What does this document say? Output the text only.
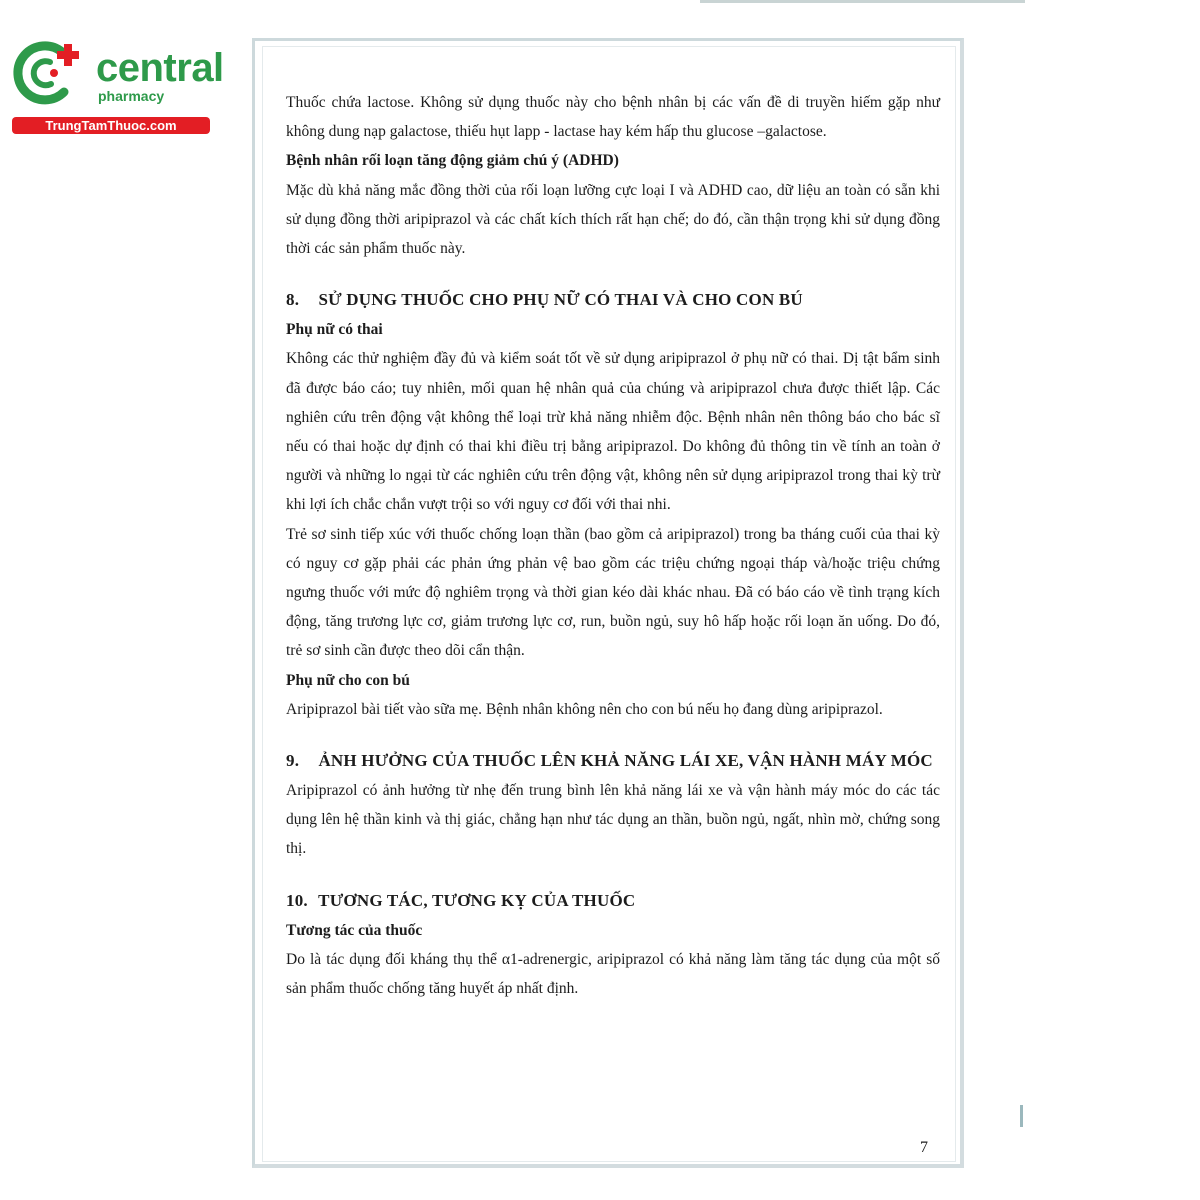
central
pharmacy
TrungTamThuoc.com

Thuốc chứa lactose. Không sử dụng thuốc này cho bệnh nhân bị các vấn đề di truyền hiếm gặp như không dung nạp galactose, thiếu hụt lapp - lactase hay kém hấp thu glucose –galactose.

Bệnh nhân rối loạn tăng động giảm chú ý (ADHD)

Mặc dù khả năng mắc đồng thời của rối loạn lưỡng cực loại I và ADHD cao, dữ liệu an toàn có sẵn khi sử dụng đồng thời aripiprazol và các chất kích thích rất hạn chế; do đó, cần thận trọng khi sử dụng đồng thời các sản phẩm thuốc này.

8. SỬ DỤNG THUỐC CHO PHỤ NỮ CÓ THAI VÀ CHO CON BÚ
Phụ nữ có thai

Không các thử nghiệm đầy đủ và kiểm soát tốt về sử dụng aripiprazol ở phụ nữ có thai. Dị tật bẩm sinh đã được báo cáo; tuy nhiên, mối quan hệ nhân quả của chúng và aripiprazol chưa được thiết lập. Các nghiên cứu trên động vật không thể loại trừ khả năng nhiễm độc. Bệnh nhân nên thông báo cho bác sĩ nếu có thai hoặc dự định có thai khi điều trị bằng aripiprazol. Do không đủ thông tin về tính an toàn ở người và những lo ngại từ các nghiên cứu trên động vật, không nên sử dụng aripiprazol trong thai kỳ trừ khi lợi ích chắc chắn vượt trội so với nguy cơ đối với thai nhi.

Trẻ sơ sinh tiếp xúc với thuốc chống loạn thần (bao gồm cả aripiprazol) trong ba tháng cuối của thai kỳ có nguy cơ gặp phải các phản ứng phản vệ bao gồm các triệu chứng ngoại tháp và/hoặc triệu chứng ngưng thuốc với mức độ nghiêm trọng và thời gian kéo dài khác nhau. Đã có báo cáo về tình trạng kích động, tăng trương lực cơ, giảm trương lực cơ, run, buồn ngủ, suy hô hấp hoặc rối loạn ăn uống. Do đó, trẻ sơ sinh cần được theo dõi cẩn thận.

Phụ nữ cho con bú

Aripiprazol bài tiết vào sữa mẹ. Bệnh nhân không nên cho con bú nếu họ đang dùng aripiprazol.

9. ẢNH HƯỞNG CỦA THUỐC LÊN KHẢ NĂNG LÁI XE, VẬN HÀNH MÁY MÓC

Aripiprazol có ảnh hưởng từ nhẹ đến trung bình lên khả năng lái xe và vận hành máy móc do các tác dụng lên hệ thần kinh và thị giác, chẳng hạn như tác dụng an thần, buồn ngủ, ngất, nhìn mờ, chứng song thị.

10. TƯƠNG TÁC, TƯƠNG KỴ CỦA THUỐC
Tương tác của thuốc

Do là tác dụng đối kháng thụ thể α1-adrenergic, aripiprazol có khả năng làm tăng tác dụng của một số sản phẩm thuốc chống tăng huyết áp nhất định.

7
